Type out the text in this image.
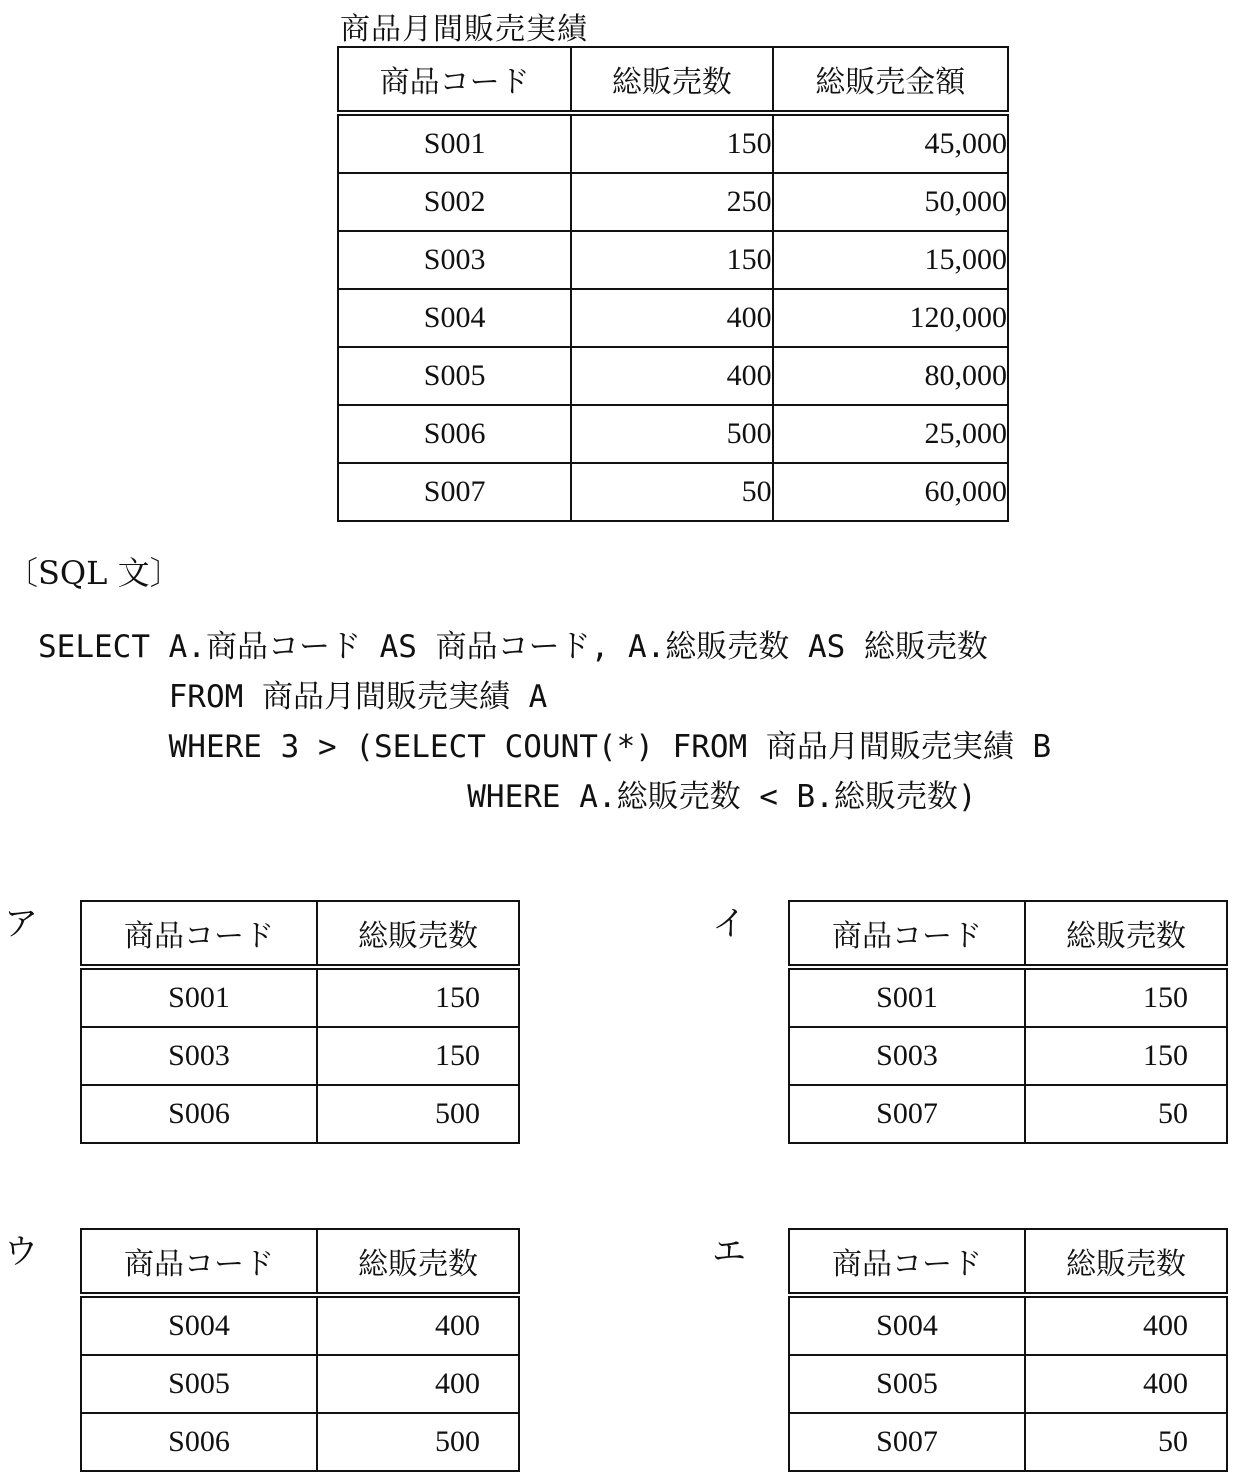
商品月間販売実績
商品コード	総販売数	総販売金額
S001	150	45,000
S002	250	50,000
S003	150	15,000
S004	400	120,000
S005	400	80,000
S006	500	25,000
S007	50	60,000
〔SQL 文〕
SELECT A.商品コード AS 商品コード, A.総販売数 AS 総販売数
FROM 商品月間販売実績 A
WHERE 3 > (SELECT COUNT(*) FROM 商品月間販売実績 B
WHERE A.総販売数 < B.総販売数)
ア	商品コード	総販売数
S001	150
S003	150
S006	500
イ	商品コード	総販売数
S001	150
S003	150
S007	50
ウ	商品コード	総販売数
S004	400
S005	400
S006	500
エ	商品コード	総販売数
S004	400
S005	400
S007	50
